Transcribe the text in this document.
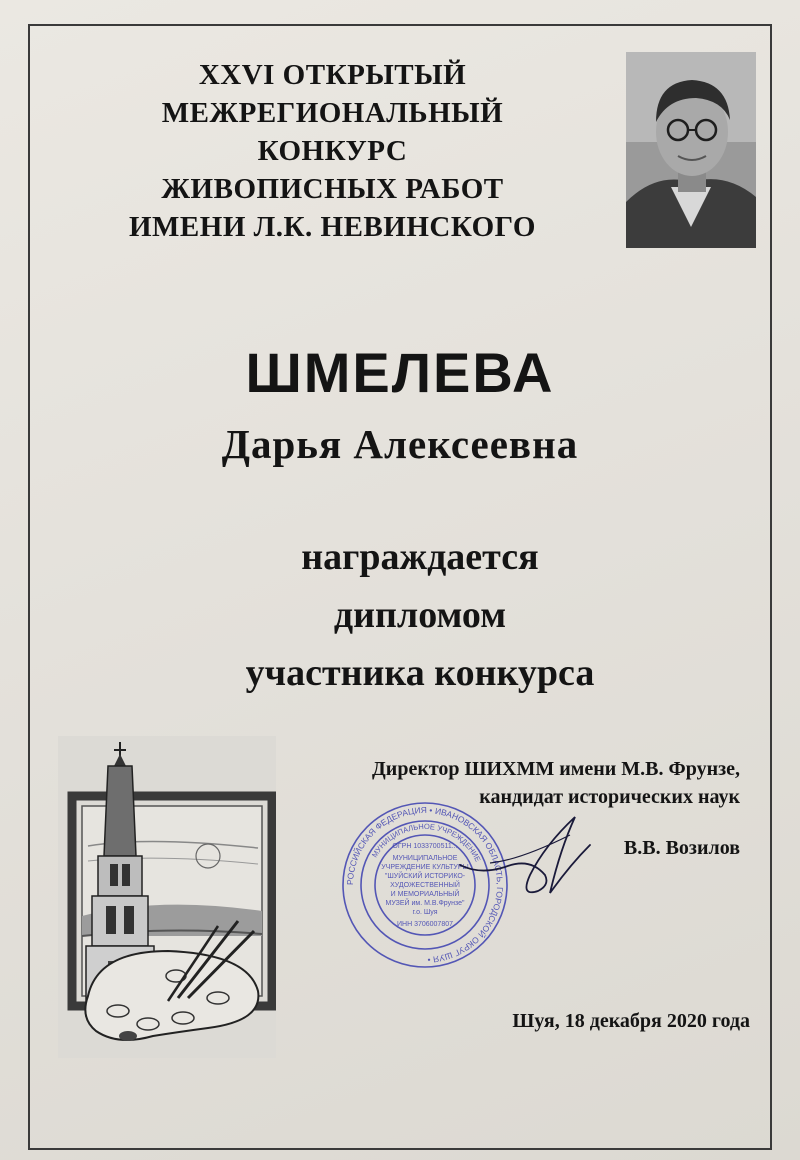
XXVI ОТКРЫТЫЙ
МЕЖРЕГИОНАЛЬНЫЙ
КОНКУРС
ЖИВОПИСНЫХ РАБОТ
ИМЕНИ Л.К. НЕВИНСКОГО
ШМЕЛЕВА
Дарья Алексеевна
награждается
дипломом
участника конкурса
Директор ШИХММ имени М.В. Фрунзе,
кандидат исторических наук
В.В. Возилов
РОССИЙСКАЯ ФЕДЕРАЦИЯ • ИВАНОВСКАЯ ОБЛАСТЬ, ГОРОДСКОЙ ОКРУГ ШУЯ •
МУНИЦИПАЛЬНОЕ УЧРЕЖДЕНИЕ
ОГРН 1033700511...
МУНИЦИПАЛЬНОЕ
УЧРЕЖДЕНИЕ КУЛЬТУРЫ
"ШУЙСКИЙ ИСТОРИКО-
ХУДОЖЕСТВЕННЫЙ
И МЕМОРИАЛЬНЫЙ
МУЗЕЙ им. М.В.Фрунзе"
г.о. Шуя
ИНН 3706007807
Шуя, 18 декабря 2020 года
